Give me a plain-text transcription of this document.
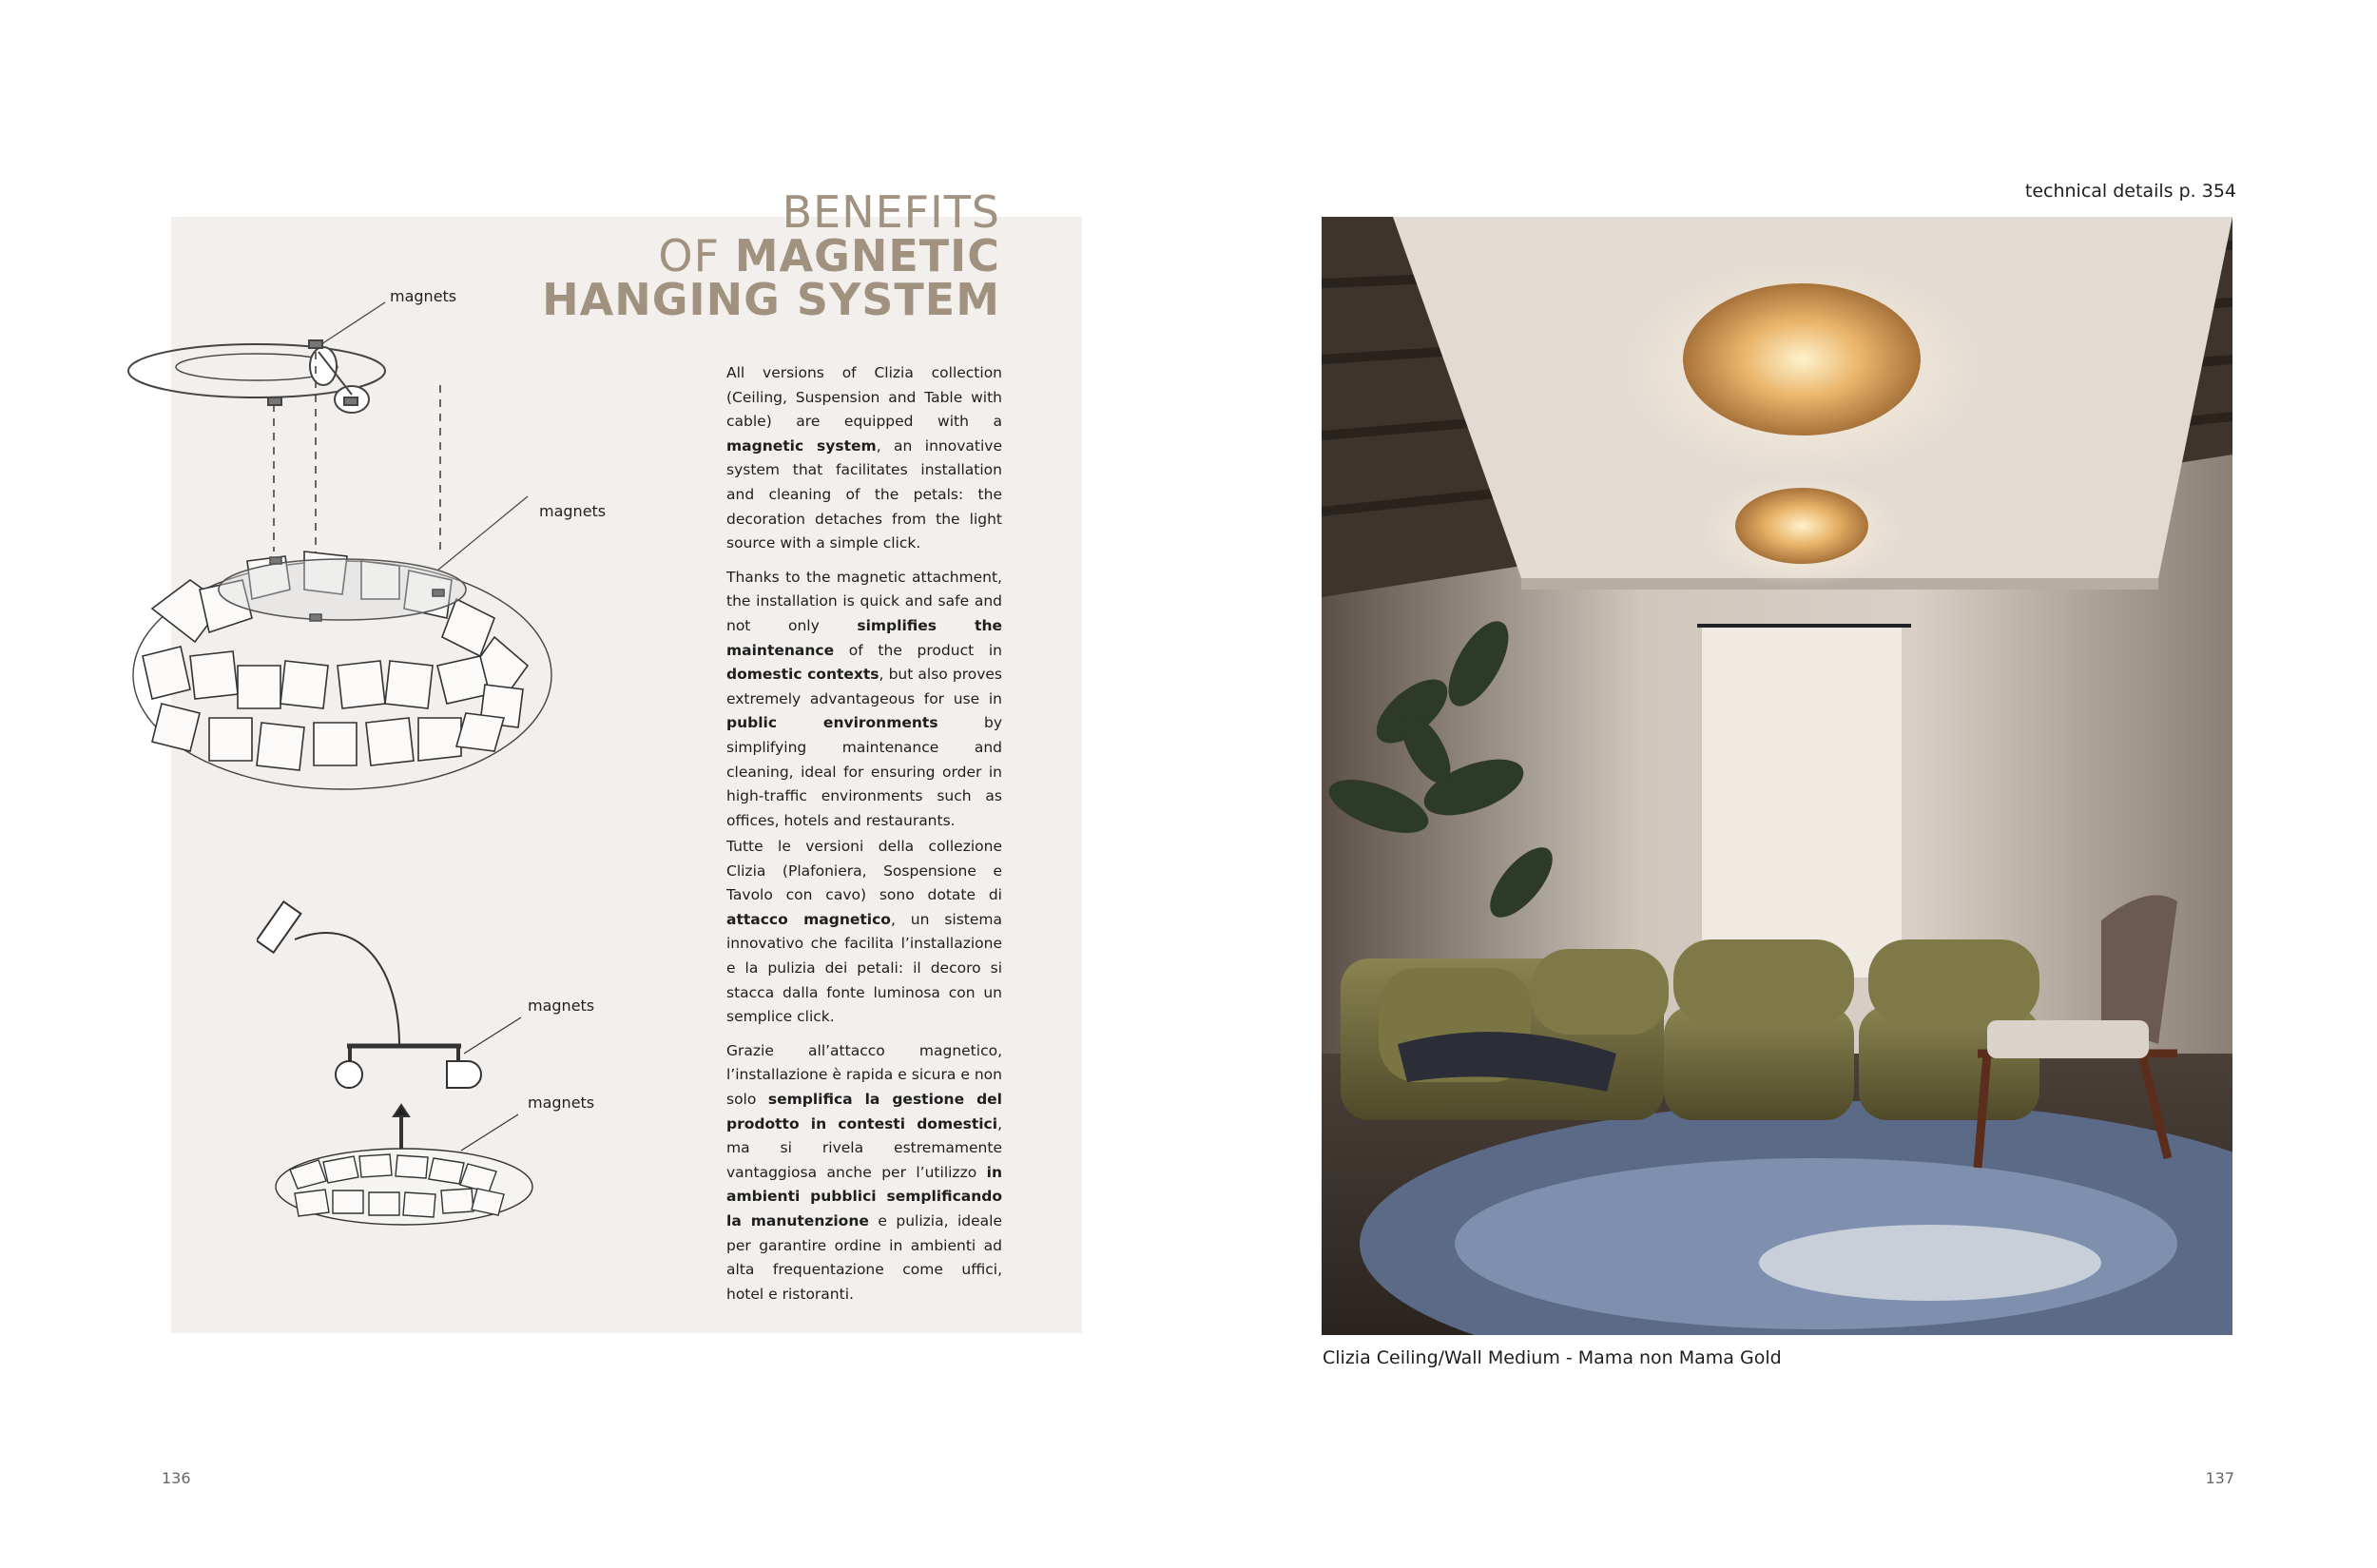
BENEFITS
OF MAGNETIC
HANGING SYSTEM
magnets
magnets
magnets
magnets

All versions of Clizia collection (Ceiling, Suspension and Table with cable) are equipped with a magnetic system, an innovative system that facilitates installation and cleaning of the petals: the decoration detaches from the light source with a simple click.

Thanks to the magnetic attachment, the installation is quick and safe and not only simplifies the maintenance of the product in domestic contexts, but also proves extremely advantageous for use in public environments by simplifying maintenance and cleaning, ideal for ensuring order in high-traffic environments such as offices, hotels and restaurants.

Tutte le versioni della collezione Clizia (Plafoniera, Sospensione e Tavolo con cavo) sono dotate di attacco magnetico, un sistema innovativo che facilita l’installazione e la pulizia dei petali: il decoro si stacca dalla fonte luminosa con un semplice click.

Grazie all’attacco magnetico, l’installazione è rapida e sicura e non solo semplifica la gestione del prodotto in contesti domestici, ma si rivela estremamente vantaggiosa anche per l’utilizzo in ambienti pubblici semplificando la manutenzione e pulizia, ideale per garantire ordine in ambienti ad alta frequentazione come uffici, hotel e ristoranti.

technical details p. 354
Clizia Ceiling/Wall Medium - Mama non Mama Gold
136	137
